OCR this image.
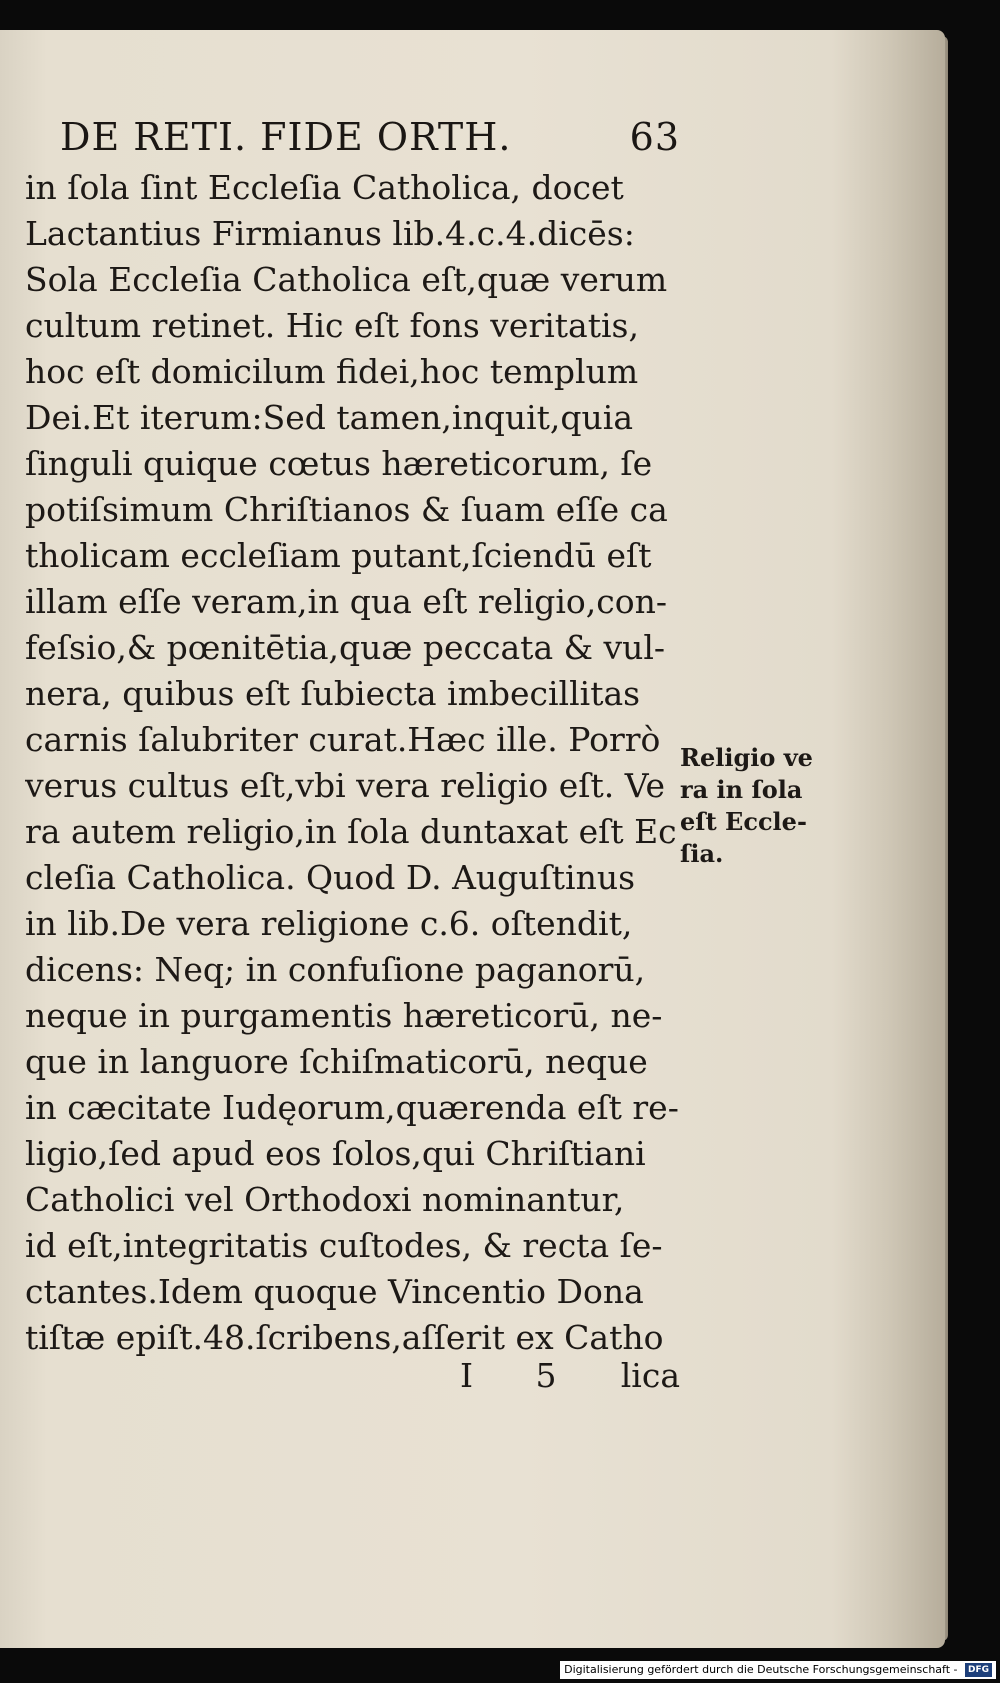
DE RETI. FIDE ORTH.	63
in ſola ſint Eccleſia Catholica, docet
Lactantius Firmianus lib.4.c.4.dicēs:
Sola Eccleſia Catholica eſt,quæ verum
cultum retinet. Hic eſt fons veritatis,
hoc eſt domicilum fidei,hoc templum
Dei.Et iterum:Sed tamen,inquit,quia
ſinguli quique cœtus hæreticorum, ſe
potiſsimum Chriſtianos & ſuam eſſe ca
tholicam eccleſiam putant,ſciendū eſt
illam eſſe veram,in qua eſt religio,con-
feſsio,& pœnitētia,quæ peccata & vul-
nera, quibus eſt ſubiecta imbecillitas
carnis ſalubriter curat.Hæc ille. Porrò
verus cultus eſt,vbi vera religio eſt. Ve
ra autem religio,in ſola duntaxat eſt Ec
cleſia Catholica. Quod D. Auguſtinus
in lib.De vera religione c.6. oſtendit,
dicens: Neq; in confuſione paganorū,
neque in purgamentis hæreticorū, ne-
que in languore ſchiſmaticorū, neque
in cæcitate Iudęorum,quærenda eſt re-
ligio,ſed apud eos ſolos,qui Chriſtiani
Catholici vel Orthodoxi nominantur,
id eſt,integritatis cuſtodes, & recta ſe-
ctantes.Idem quoque Vincentio Dona
tiſtæ epiſt.48.ſcribens,aſſerit ex Catho
I 5 lica
Religio ve
ra in ſola
eſt Eccle-
ſia.
Digitalisierung gefördert durch die Deutsche Forschungsgemeinschaft - DFG
